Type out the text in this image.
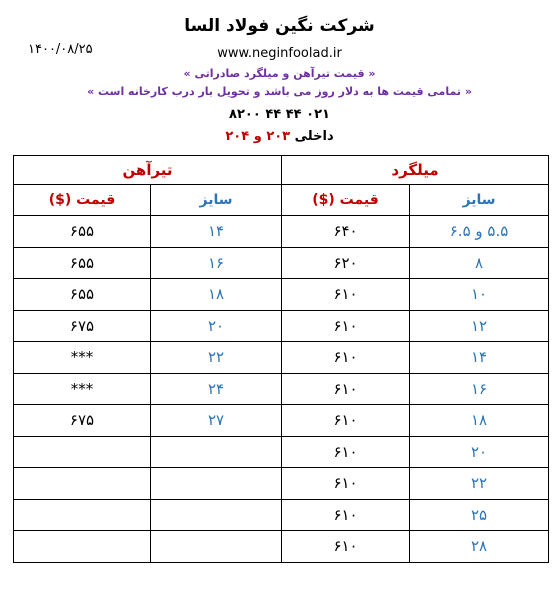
شرکت نگین فولاد السا
۱۴۰۰/۰۸/۲۵	www.neginfoolad.ir
« قیمت تیرآهن و میلگرد صادراتی »
« تمامی قیمت ها به دلار روز می باشد و تحویل بار درب کارخانه است »
۰۲۱ ۴۴ ۴۴ ۸۲۰۰
داخلی ۲۰۳ و ۲۰۴
میلگرد		تیرآهن	
سایز	قیمت ($)	سایز	قیمت ($)
۵.۵ و ۶.۵	۶۴۰	۱۴	۶۵۵
۸	۶۲۰	۱۶	۶۵۵
۱۰	۶۱۰	۱۸	۶۵۵
۱۲	۶۱۰	۲۰	۶۷۵
۱۴	۶۱۰	۲۲	***
۱۶	۶۱۰	۲۴	***
۱۸	۶۱۰	۲۷	۶۷۵
۲۰	۶۱۰		
۲۲	۶۱۰		
۲۵	۶۱۰		
۲۸	۶۱۰		
